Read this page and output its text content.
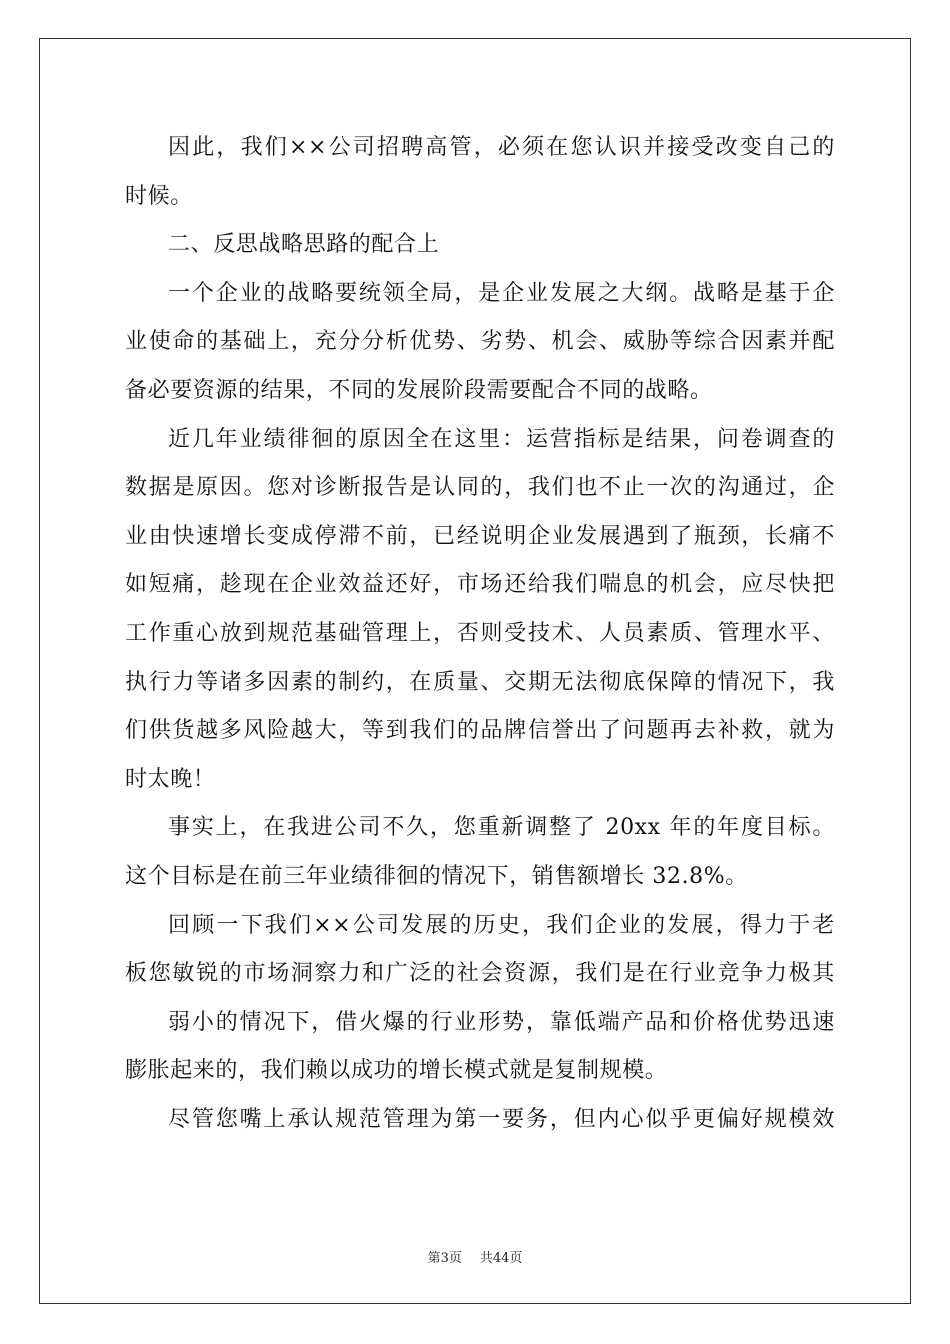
因此，我们××公司招聘高管，必须在您认识并接受改变自己的
时候。
二、反思战略思路的配合上
一个企业的战略要统领全局，是企业发展之大纲。战略是基于企
业使命的基础上，充分分析优势、劣势、机会、威胁等综合因素并配
备必要资源的结果，不同的发展阶段需要配合不同的战略。
近几年业绩徘徊的原因全在这里：运营指标是结果，问卷调查的
数据是原因。您对诊断报告是认同的，我们也不止一次的沟通过，企
业由快速增长变成停滞不前，已经说明企业发展遇到了瓶颈，长痛不
如短痛，趁现在企业效益还好，市场还给我们喘息的机会，应尽快把
工作重心放到规范基础管理上，否则受技术、人员素质、管理水平、
执行力等诸多因素的制约，在质量、交期无法彻底保障的情况下，我
们供货越多风险越大，等到我们的品牌信誉出了问题再去补救，就为
时太晚！
事实上，在我进公司不久，您重新调整了 20xx 年的年度目标。
这个目标是在前三年业绩徘徊的情况下，销售额增长 32.8%。
回顾一下我们××公司发展的历史，我们企业的发展，得力于老
板您敏锐的市场洞察力和广泛的社会资源，我们是在行业竞争力极其
弱小的情况下，借火爆的行业形势，靠低端产品和价格优势迅速
膨胀起来的，我们赖以成功的增长模式就是复制规模。
尽管您嘴上承认规范管理为第一要务，但内心似乎更偏好规模效
第3页 共44页
